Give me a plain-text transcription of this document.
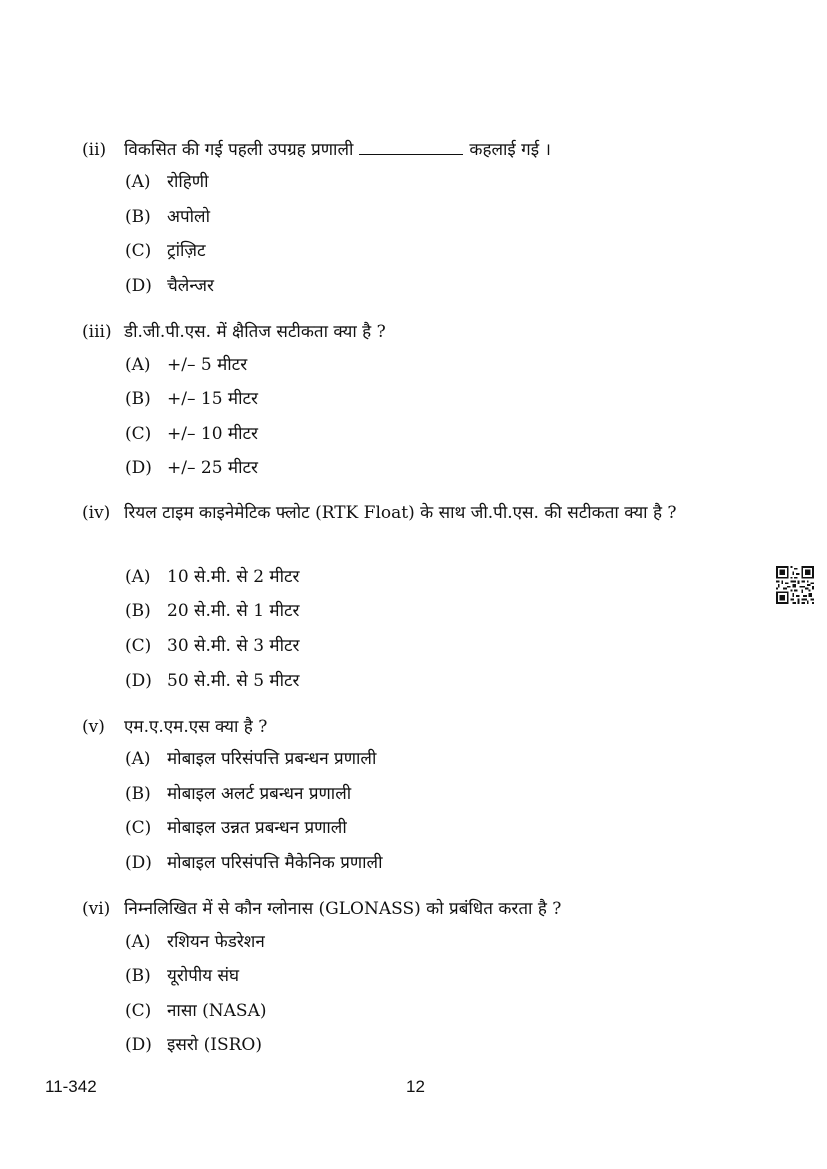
(ii) विकसित की गई पहली उपग्रह प्रणाली	कहलाई गई ।
(A) रोहिणी
(B) अपोलो
(C) ट्रांज़िट
(D) चैलेन्जर
(iii) डी.जी.पी.एस. में क्षैतिज सटीकता क्या है ?
(A) +/– 5 मीटर
(B) +/– 15 मीटर
(C) +/– 10 मीटर
(D) +/– 25 मीटर
(iv) रियल टाइम काइनेमेटिक फ्लोट (RTK Float) के साथ जी.पी.एस. की सटीकता क्या है ?
(A) 10 से.मी. से 2 मीटर
(B) 20 से.मी. से 1 मीटर
(C) 30 से.मी. से 3 मीटर
(D) 50 से.मी. से 5 मीटर
(v) एम.ए.एम.एस क्या है ?
(A) मोबाइल परिसंपत्ति प्रबन्धन प्रणाली
(B) मोबाइल अलर्ट प्रबन्धन प्रणाली
(C) मोबाइल उन्नत प्रबन्धन प्रणाली
(D) मोबाइल परिसंपत्ति मैकेनिक प्रणाली
(vi) निम्नलिखित में से कौन ग्लोनास (GLONASS) को प्रबंधित करता है ?
(A) रशियन फेडरेशन
(B) यूरोपीय संघ
(C) नासा (NASA)
(D) इसरो (ISRO)
11-342	12
